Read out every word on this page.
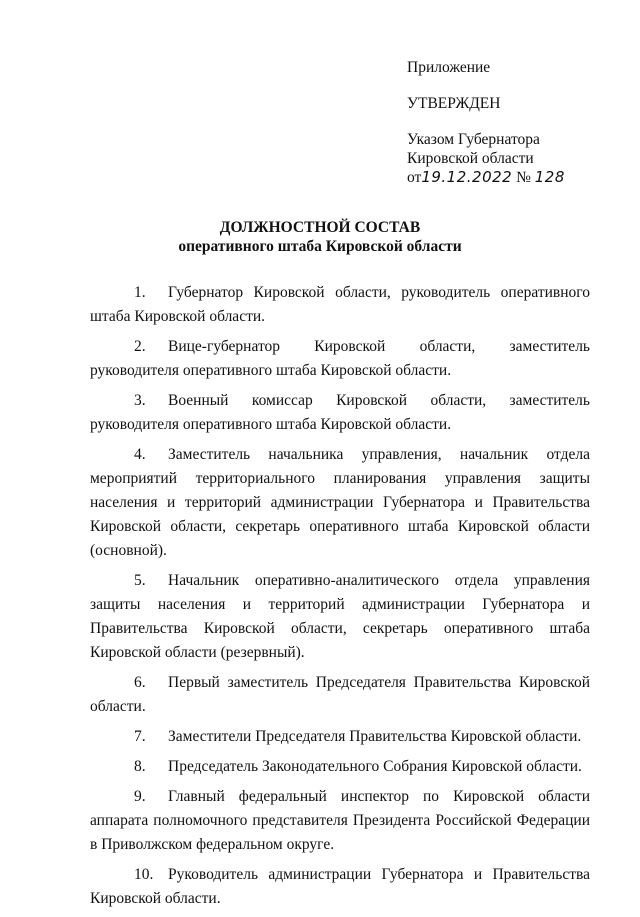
Приложение
УТВЕРЖДЕН
Указом Губернатора
Кировской области
от19.12.2022 № 128
ДОЛЖНОСТНОЙ СОСТАВ
оперативного штаба Кировской области

1. Губернатор Кировской области, руководитель оперативного штаба Кировской области.

2. Вице-губернатор Кировской области, заместитель руководителя оперативного штаба Кировской области.

3. Военный комиссар Кировской области, заместитель руководителя оперативного штаба Кировской области.

4. Заместитель начальника управления, начальник отдела мероприятий территориального планирования управления защиты населения и территорий администрации Губернатора и Правительства Кировской области, секретарь оперативного штаба Кировской области (основной).

5. Начальник оперативно-аналитического отдела управления защиты населения и территорий администрации Губернатора и Правительства Кировской области, секретарь оперативного штаба Кировской области (резервный).

6. Первый заместитель Председателя Правительства Кировской области.

7. Заместители Председателя Правительства Кировской области.

8. Председатель Законодательного Собрания Кировской области.

9. Главный федеральный инспектор по Кировской области аппарата полномочного представителя Президента Российской Федерации в Приволжском федеральном округе.

10. Руководитель администрации Губернатора и Правительства Кировской области.
